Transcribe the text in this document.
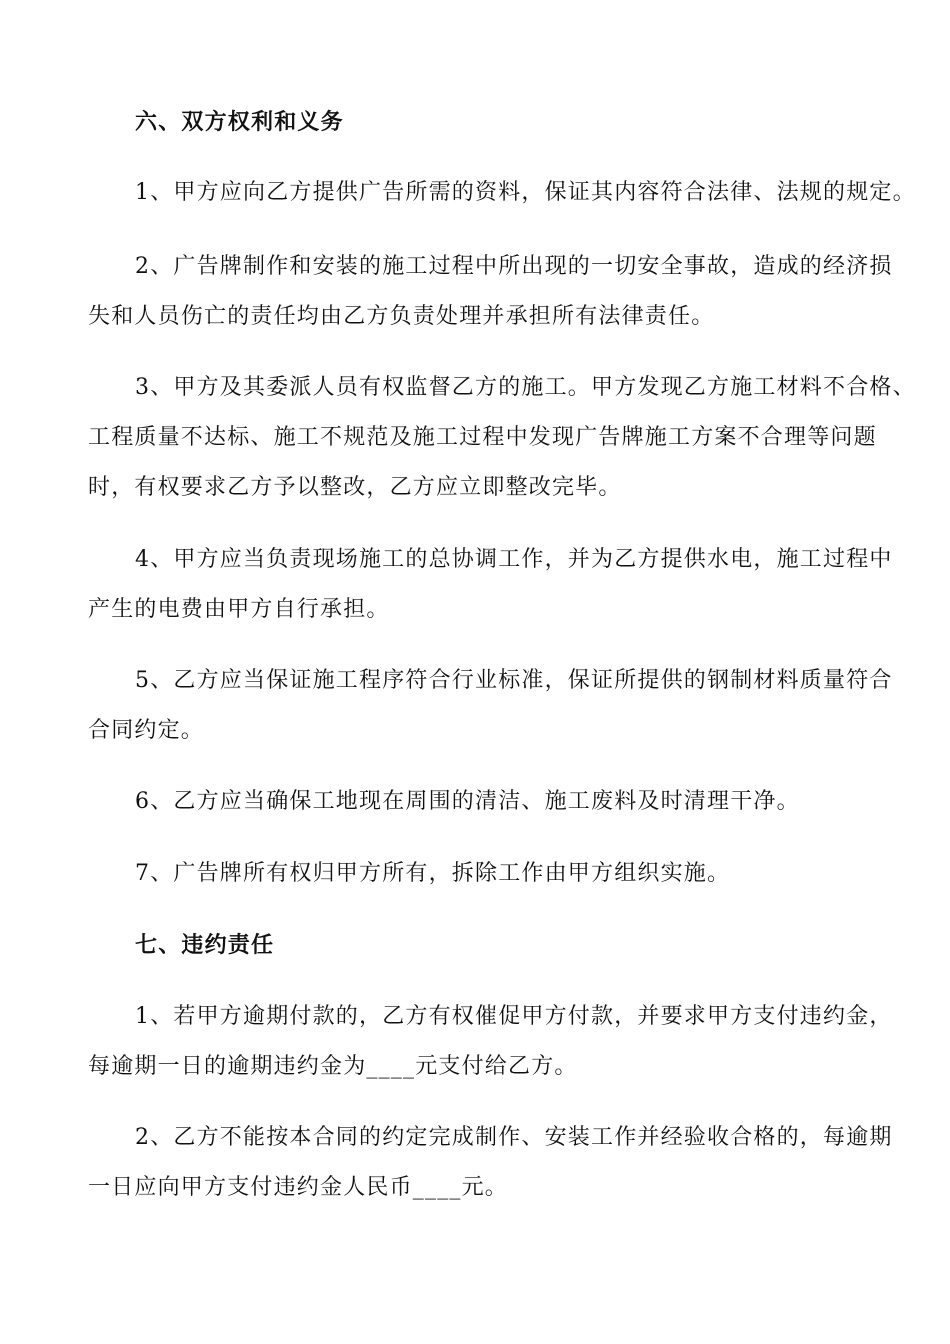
六、双方权利和义务
1、甲方应向乙方提供广告所需的资料，保证其内容符合法律、法规的规定。
2、广告牌制作和安装的施工过程中所出现的一切安全事故，造成的经济损
失和人员伤亡的责任均由乙方负责处理并承担所有法律责任。
3、甲方及其委派人员有权监督乙方的施工。甲方发现乙方施工材料不合格、
工程质量不达标、施工不规范及施工过程中发现广告牌施工方案不合理等问题
时，有权要求乙方予以整改，乙方应立即整改完毕。
4、甲方应当负责现场施工的总协调工作，并为乙方提供水电，施工过程中
产生的电费由甲方自行承担。
5、乙方应当保证施工程序符合行业标准，保证所提供的钢制材料质量符合
合同约定。
6、乙方应当确保工地现在周围的清洁、施工废料及时清理干净。
7、广告牌所有权归甲方所有，拆除工作由甲方组织实施。
七、违约责任
1、若甲方逾期付款的，乙方有权催促甲方付款，并要求甲方支付违约金，
每逾期一日的逾期违约金为____元支付给乙方。
2、乙方不能按本合同的约定完成制作、安装工作并经验收合格的，每逾期
一日应向甲方支付违约金人民币____元。
